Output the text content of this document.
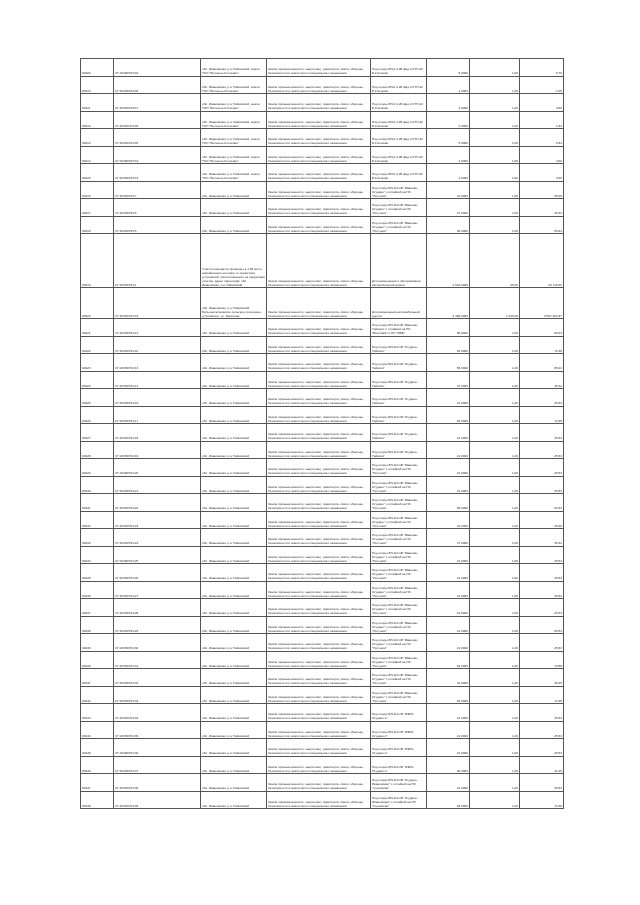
90209	37:18:050703:49
обл. Ивановская, р-н Тейковский, земли ТОО "Большое Клочково"
Земли промышленности, энергетики, транспорта, связи, обороны, безопасности и земли иного специального назначения
Под опоры ВЛ-0,4 кВ фид.4 КТП-22 Б.Клочково	5,0000	1,00	5,70
90210	37:18:050703:48
обл. Ивановская, р-н Тейковский, земли ТОО "Большое Клочково"
Земли промышленности, энергетики, транспорта, связи, обороны, безопасности и земли иного специального назначения
Под опоры ВЛ-0,4 кВ фид.4 КТП-22 Б.Клочково	1,0000	1,00	1,00
90211	37:18:050703:47
обл. Ивановская, р-н Тейковский, земли ТОО "Большое Клочково"
Земли промышленности, энергетики, транспорта, связи, обороны, безопасности и земли иного специального назначения
Под опоры ВЛ-0,4 кВ фид.4 КТП-22 Б.Клочково	4,0000	1,00	4,60
90212	37:18:050703:46
обл. Ивановская, р-н Тейковский, земли ТОО "Большое Клочково"
Земли промышленности, энергетики, транспорта, связи, обороны, безопасности и земли иного специального назначения
Под опоры ВЛ-0,4 кВ фид.4 КТП-22 Б.Клочково	2,0000	1,00	1,84
90213	37:18:050703:45
обл. Ивановская, р-н Тейковский, земли ТОО "Большое Клочково"
Земли промышленности, энергетики, транспорта, связи, обороны, безопасности и земли иного специального назначения
Под опоры ВЛ-0,4 кВ фид.4 КТП-22 Б.Клочково	5,0000	1,00	5,84
90214	37:18:050703:44
обл. Ивановская, р-н Тейковский, земли ТОО "Большое Клочково"
Земли промышленности, энергетики, транспорта, связи, обороны, безопасности и земли иного специального назначения
Под опоры ВЛ-0,4 кВ фид.4 КТП-22 Б.Клочково	4,0000	1,00	4,60
90215	37:18:050703:43
обл. Ивановская, р-н Тейковский, земли ТОО "Большое Клочково"
Земли промышленности, энергетики, транспорта, связи, обороны, безопасности и земли иного специального назначения
Под опоры ВЛ-0,4 кВ фид.4 КТП-22 Б.Клочково	4,0000	1,00	4,60
90216	37:18:050703:7	обл. Ивановская, р-н Тейковский
Земли промышленности, энергетики, транспорта, связи, обороны, безопасности и земли иного специального назначения
Под опоры ВЛ-110 кВ "Иваново-Огудино" с отпайкой на ПС "Петушки"	31,0000	1,00	35,65
90217	37:18:050703:6	обл. Ивановская, р-н Тейковский
Земли промышленности, энергетики, транспорта, связи, обороны, безопасности и земли иного специального назначения
Под опоры ВЛ-110 кВ "Иваново-Огудино" с отпайкой на ПС "Петушки"	27,0000	1,00	35,32
90218	37:18:050703:5	обл. Ивановская, р-н Тейковский
Земли промышленности, энергетики, транспорта, связи, обороны, безопасности и земли иного специального назначения
Под опоры ВЛ-110 кВ "Иваново-Огудино" с отпайкой на ПС "Петушки"	36,0000	1,00	65,64
90219	37:18:050704:1
Участок находится примерно в 1.65 км по направлению на север от ориентира д.Гусевской, расположенного за пределами участка, адрес ориентира: обл. Ивановская, р-н Тейковский
Земли промышленности, энергетики, транспорта, связи, обороны, безопасности и земли иного специального назначения
Для размещения и обслуживания автомобильной дороги	2 531,0000	60,00	64 116,50
90220	37:18:050704:15
обл. Ивановская, р-н Тейковский, Большеклочковское сельское поселение, д.Гусевское, ул. Заречная
Земли промышленности, энергетики, транспорта, связи, обороны, безопасности и земли иного специального назначения
Для размещения автомобильной дороги	3 469,0000	1 040,00	3 567 302,97
90221	37:18:050704:11	обл. Ивановская, р-н Тейковский
Земли промышленности, энергетики, транспорта, связи, обороны, безопасности и земли иного специального назначения
Под опоры ВЛ-110 кВ "Иваново-Тейково" с отпайкой на ПС "Винтовка" и ПС "ИВЕ"	56,0000	1,00	65,04
90222	37:18:050704:10	обл. Ивановская, р-н Тейковский
Земли промышленности, энергетики, транспорта, связи, обороны, безопасности и земли иного специального назначения
Под опоры ВЛ-110 кВ "Огудино-Тейково"	63,0000	1,00	72,38
90223	37:18:050704:13	обл. Ивановская, р-н Тейковский
Земли промышленности, энергетики, транспорта, связи, обороны, безопасности и земли иного специального назначения
Под опоры ВЛ-110 кВ "Огудино-Тейково"	56,0000	1,00	65,04
90224	37:18:050704:14	обл. Ивановская, р-н Тейковский
Земли промышленности, энергетики, транспорта, связи, обороны, безопасности и земли иного специального назначения
Под опоры ВЛ-110 кВ "Огудино-Тейково"	27,0000	1,00	35,32
90225	37:18:050704:16	обл. Ивановская, р-н Тейковский
Земли промышленности, энергетики, транспорта, связи, обороны, безопасности и земли иного специального назначения
Под опоры ВЛ-110 кВ "Огудино-Тейково"	21,0000	1,00	25,53
90226	37:18:050704:17	обл. Ивановская, р-н Тейковский
Земли промышленности, энергетики, транспорта, связи, обороны, безопасности и земли иного специального назначения
Под опоры ВЛ-110 кВ "Огудино-Тейково"	64,0000	1,00	72,98
90227	37:18:050704:18	обл. Ивановская, р-н Тейковский
Земли промышленности, энергетики, транспорта, связи, обороны, безопасности и земли иного специального назначения
Под опоры ВЛ-110 кВ "Огудино-Тейково"	21,0000	1,00	25,53
90228	37:18:050704:19	обл. Ивановская, р-н Тейковский
Земли промышленности, энергетики, транспорта, связи, обороны, безопасности и земли иного специального назначения
Под опоры ВЛ-110 кВ "Огудино-Тейково"	21,0000	1,00	25,53
90229	37:18:050704:20	обл. Ивановская, р-н Тейковский
Земли промышленности, энергетики, транспорта, связи, обороны, безопасности и земли иного специального назначения
Под опоры ВЛ-110 кВ "Иваново-Огудино" с отпайкой на ПС "Петушки"	21,0000	1,00	25,53
90230	37:18:050704:21	обл. Ивановская, р-н Тейковский
Земли промышленности, энергетики, транспорта, связи, обороны, безопасности и земли иного специального назначения
Под опоры ВЛ-110 кВ "Иваново-Огудино" с отпайкой на ПС "Петушки"	21,0000	1,00	25,53
90231	37:18:050704:22	обл. Ивановская, р-н Тейковский
Земли промышленности, энергетики, транспорта, связи, обороны, безопасности и земли иного специального назначения
Под опоры ВЛ-110 кВ "Иваново-Огудино" с отпайкой на ПС "Петушки"	55,0000	1,00	63,93
90232	37:18:050704:23	обл. Ивановская, р-н Тейковский
Земли промышленности, энергетики, транспорта, связи, обороны, безопасности и земли иного специального назначения
Под опоры ВЛ-110 кВ "Иваново-Огудино" с отпайкой на ПС "Петушки"	31,0000	1,00	35,65
90233	37:18:050704:24	обл. Ивановская, р-н Тейковский
Земли промышленности, энергетики, транспорта, связи, обороны, безопасности и земли иного специального назначения
Под опоры ВЛ-110 кВ "Иваново-Огудино" с отпайкой на ПС "Петушки"	27,0000	1,00	35,32
90234	37:18:050704:25	обл. Ивановская, р-н Тейковский
Земли промышленности, энергетики, транспорта, связи, обороны, безопасности и земли иного специального назначения
Под опоры ВЛ-110 кВ "Иваново-Огудино" с отпайкой на ПС "Петушки"	21,0000	1,00	25,53
90235	37:18:050704:26	обл. Ивановская, р-н Тейковский
Земли промышленности, энергетики, транспорта, связи, обороны, безопасности и земли иного специального назначения
Под опоры ВЛ-110 кВ "Иваново-Огудино" с отпайкой на ПС "Петушки"	21,0000	1,00	25,53
90236	37:18:050704:27	обл. Ивановская, р-н Тейковский
Земли промышленности, энергетики, транспорта, связи, обороны, безопасности и земли иного специального назначения
Под опоры ВЛ-110 кВ "Иваново-Огудино" с отпайкой на ПС "Петушки"	21,0000	1,00	25,53
90237	37:18:050704:28	обл. Ивановская, р-н Тейковский
Земли промышленности, энергетики, транспорта, связи, обороны, безопасности и земли иного специального назначения
Под опоры ВЛ-110 кВ "Иваново-Огудино" с отпайкой на ПС "Петушки"	21,0000	1,00	25,53
90238	37:18:050704:29	обл. Ивановская, р-н Тейковский
Земли промышленности, энергетики, транспорта, связи, обороны, безопасности и земли иного специального назначения
Под опоры ВЛ-110 кВ "Иваново-Огудино" с отпайкой на ПС "Петушки"	21,0000	1,00	25,53
90239	37:18:050704:30	обл. Ивановская, р-н Тейковский
Земли промышленности, энергетики, транспорта, связи, обороны, безопасности и земли иного специального назначения
Под опоры ВЛ-110 кВ "Иваново-Огудино" с отпайкой на ПС "Петушки"	21,0000	1,00	25,53
90240	37:18:050704:31	обл. Ивановская, р-н Тейковский
Земли промышленности, энергетики, транспорта, связи, обороны, безопасности и земли иного специального назначения
Под опоры ВЛ-110 кВ "Иваново-Огудино" с отпайкой на ПС "Петушки"	62,0000	1,00	70,88
90241	37:18:050704:32	обл. Ивановская, р-н Тейковский
Земли промышленности, энергетики, транспорта, связи, обороны, безопасности и земли иного специального назначения
Под опоры ВЛ-110 кВ "Иваново-Огудино" с отпайкой на ПС "Петушки"	31,0000	1,00	35,65
90242	37:18:050704:33	обл. Ивановская, р-н Тейковский
Земли промышленности, энергетики, транспорта, связи, обороны, безопасности и земли иного специального назначения
Под опоры ВЛ-110 кВ "Иваново-Огудино" с отпайкой на ПС "Петушки"	63,0000	1,00	72,38
90243	37:18:050704:34	обл. Ивановская, р-н Тейковский
Земли промышленности, энергетики, транспорта, связи, обороны, безопасности и земли иного специального назначения
Под опоры ВЛ-110 кВ "ИЭРЗ-Огудино-1"	21,0000	1,00	25,53
90244	37:18:050704:35	обл. Ивановская, р-н Тейковский
Земли промышленности, энергетики, транспорта, связи, обороны, безопасности и земли иного специального назначения
Под опоры ВЛ-110 кВ "ИЭРЗ-Огудино-1"	21,0000	1,00	25,53
90245	37:18:050704:36	обл. Ивановская, р-н Тейковский
Земли промышленности, энергетики, транспорта, связи, обороны, безопасности и земли иного специального назначения
Под опоры ВЛ-110 кВ "ИЭРЗ-Огудино-1"	21,0000	1,00	25,53
90246	37:18:050704:37	обл. Ивановская, р-н Тейковский
Земли промышленности, энергетики, транспорта, связи, обороны, безопасности и земли иного специального назначения
Под опоры ВЛ-110 кВ "ИЭРЗ-Огудино-1"	35,0000	1,00	41,05
90247	37:18:050704:38	обл. Ивановская, р-н Тейковский
Земли промышленности, энергетики, транспорта, связи, обороны, безопасности и земли иного специального назначения
Под опоры ВЛ-110 кВ "Огудино-Ивановская" с отпайкой на ПС "Суховская"	21,0000	1,00	25,53
90248	37:18:050704:39	обл. Ивановская, р-н Тейковский
Земли промышленности, энергетики, транспорта, связи, обороны, безопасности и земли иного специального назначения
Под опоры ВЛ-110 кВ "Огудино-Ивановская" с отпайкой на ПС "Суховская"	63,0000	1,00	72,38
